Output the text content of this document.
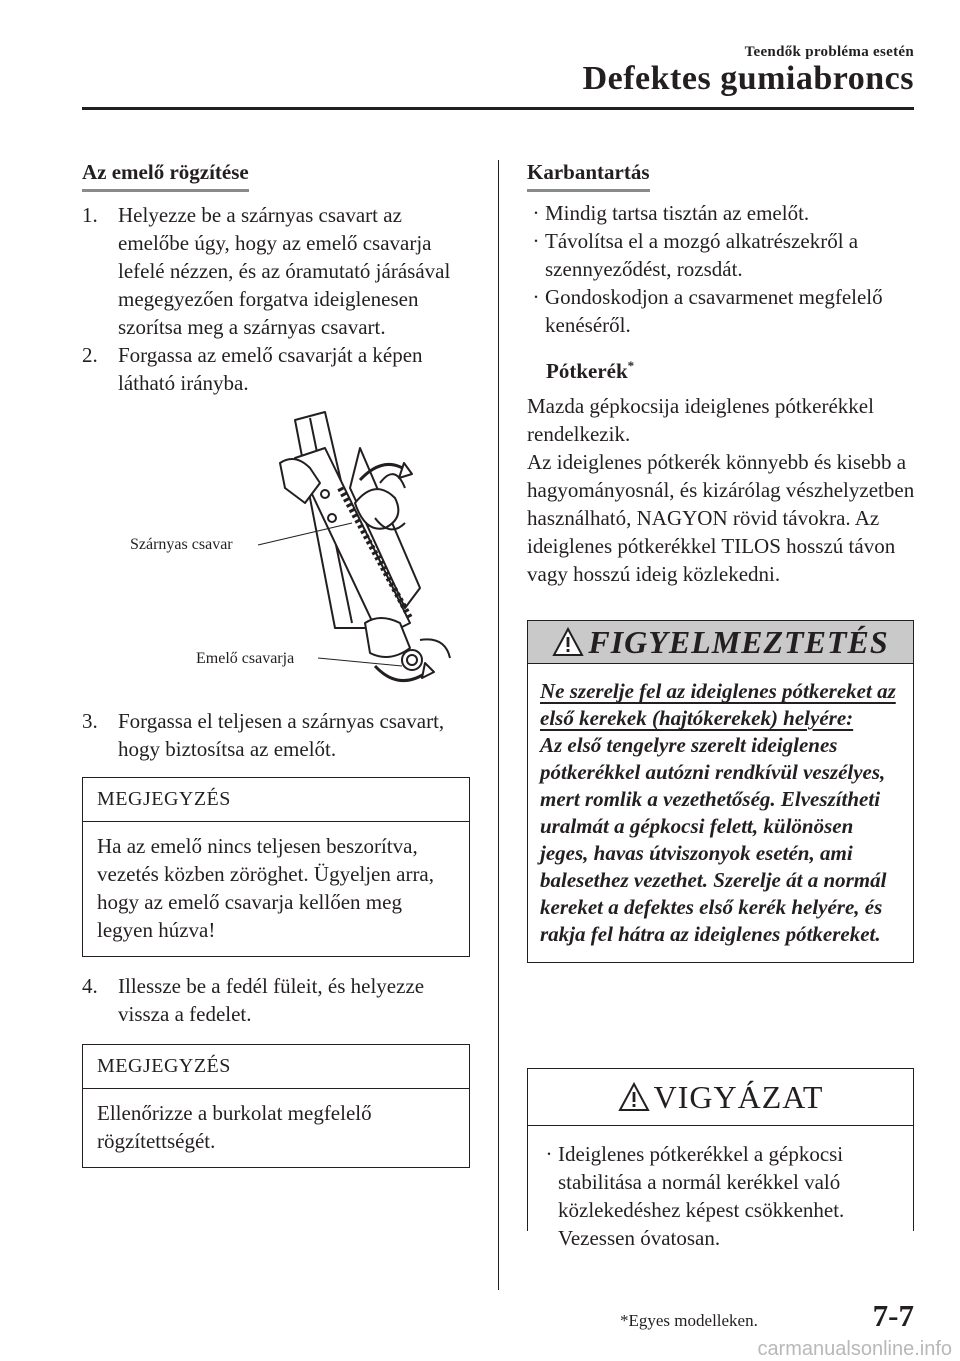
Teendők probléma esetén
Defektes gumiabroncs
Az emelő rögzítése
1. Helyezze be a szárnyas csavart az emelőbe úgy, hogy az emelő csavarja lefelé nézzen, és az óramutató járásával megegyezően forgatva ideiglenesen szorítsa meg a szárnyas csavart.
2. Forgassa az emelő csavarját a képen látható irányba.
Szárnyas csavar
Emelő csavarja
3. Forgassa el teljesen a szárnyas csavart, hogy biztosítsa az emelőt.
MEGJEGYZÉS
Ha az emelő nincs teljesen beszorítva, vezetés közben zöröghet. Ügyeljen arra, hogy az emelő csavarja kellően meg legyen húzva!
4. Illessze be a fedél füleit, és helyezze vissza a fedelet.
MEGJEGYZÉS
Ellenőrizze a burkolat megfelelő rögzítettségét.
Karbantartás
· Mindig tartsa tisztán az emelőt.
· Távolítsa el a mozgó alkatrészekről a szennyeződést, rozsdát.
· Gondoskodjon a csavarmenet megfelelő kenéséről.
Pótkerék*
Mazda gépkocsija ideiglenes pótkerékkel rendelkezik.
Az ideiglenes pótkerék könnyebb és kisebb a hagyományosnál, és kizárólag vészhelyzetben használható, NAGYON rövid távokra. Az ideiglenes pótkerékkel TILOS hosszú távon vagy hosszú ideig közlekedni.
FIGYELMEZTETÉS
Ne szerelje fel az ideiglenes pótkereket az első kerekek (hajtókerekek) helyére:
Az első tengelyre szerelt ideiglenes pótkerékkel autózni rendkívül veszélyes, mert romlik a vezethetőség. Elveszítheti uralmát a gépkocsi felett, különösen jeges, havas útviszonyok esetén, ami balesethez vezethet. Szerelje át a normál kereket a defektes első kerék helyére, és rakja fel hátra az ideiglenes pótkereket.
VIGYÁZAT
· Ideiglenes pótkerékkel a gépkocsi stabilitása a normál kerékkel való közlekedéshez képest csökkenhet. Vezessen óvatosan.
*Egyes modelleken.	7-7
carmanualsonline.info
